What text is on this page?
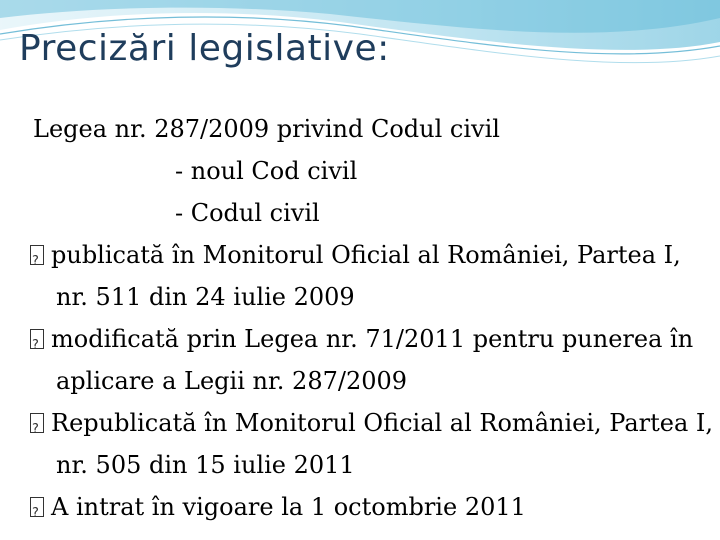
Precizări legislative:
Legea nr. 287/2009 privind Codul civil
- noul Cod civil
- Codul civil
?publicată în Monitorul Oficial al României, Partea I, nr. 511 din 24 iulie 2009
?modificată prin Legea nr. 71/2011 pentru punerea în aplicare a Legii nr. 287/2009
?Republicată în Monitorul Oficial al României, Partea I, nr. 505 din 15 iulie 2011
?A intrat în vigoare la 1 octombrie 2011
